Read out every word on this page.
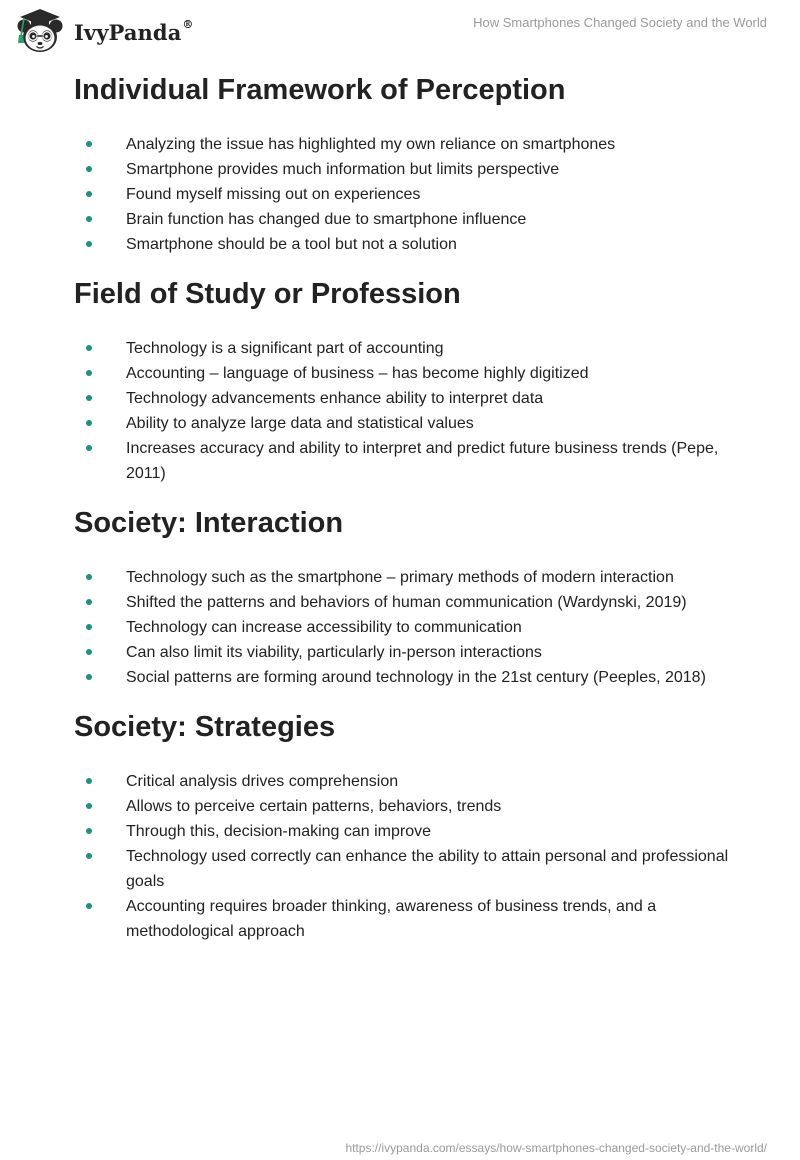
IvyPanda®	How Smartphones Changed Society and the World
Individual Framework of Perception
Analyzing the issue has highlighted my own reliance on smartphones
Smartphone provides much information but limits perspective
Found myself missing out on experiences
Brain function has changed due to smartphone influence
Smartphone should be a tool but not a solution
Field of Study or Profession
Technology is a significant part of accounting
Accounting – language of business – has become highly digitized
Technology advancements enhance ability to interpret data
Ability to analyze large data and statistical values
Increases accuracy and ability to interpret and predict future business trends (Pepe, 2011)
Society: Interaction
Technology such as the smartphone – primary methods of modern interaction
Shifted the patterns and behaviors of human communication (Wardynski, 2019)
Technology can increase accessibility to communication
Can also limit its viability, particularly in-person interactions
Social patterns are forming around technology in the 21st century (Peeples, 2018)
Society: Strategies
Critical analysis drives comprehension
Allows to perceive certain patterns, behaviors, trends
Through this, decision-making can improve
Technology used correctly can enhance the ability to attain personal and professional goals
Accounting requires broader thinking, awareness of business trends, and a methodological approach
https://ivypanda.com/essays/how-smartphones-changed-society-and-the-world/
